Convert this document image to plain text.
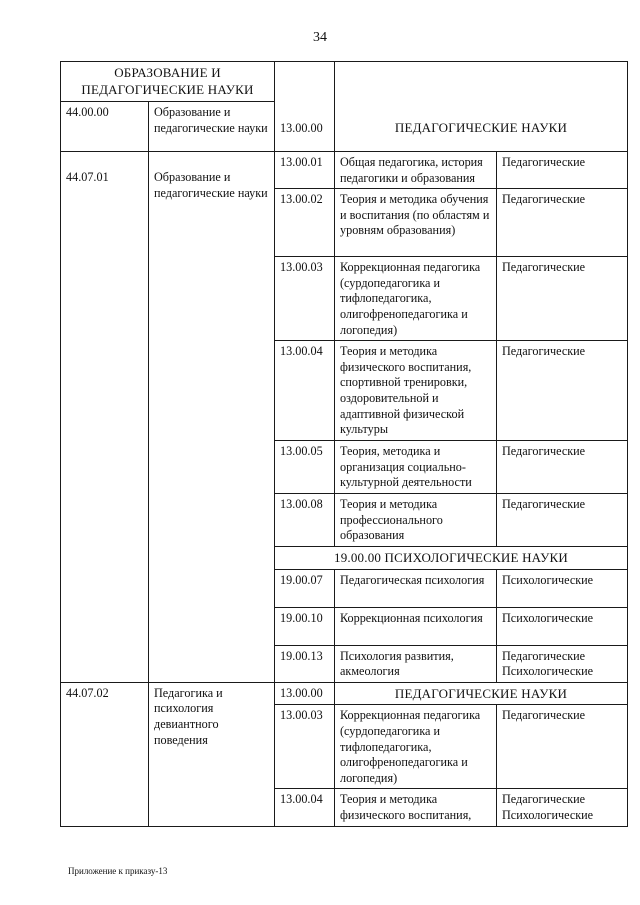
34
ОБРАЗОВАНИЕ И ПЕДАГОГИЧЕСКИЕ НАУКИ				
44.00.00	Образование и педагогические науки	13.00.00	ПЕДАГОГИЧЕСКИЕ НАУКИ	
44.07.01	Образование и педагогические науки	13.00.01	Общая педагогика, история педагогики и образования	Педагогические
		13.00.02	Теория и методика обучения и воспитания (по областям и уровням образования)	Педагогические
		13.00.03	Коррекционная педагогика (сурдопедагогика и тифлопедагогика, олигофренопедагогика и логопедия)	Педагогические
		13.00.04	Теория и методика физического воспитания, спортивной тренировки, оздоровительной и адаптивной физической культуры	Педагогические
		13.00.05	Теория, методика и организация социально-культурной деятельности	Педагогические
		13.00.08	Теория и методика профессионального образования	Педагогические
		19.00.00 ПСИХОЛОГИЧЕСКИЕ НАУКИ		
		19.00.07	Педагогическая психология	Психологические
		19.00.10	Коррекционная психология	Психологические
		19.00.13	Психология развития, акмеология	Педагогические
Психологические

44.07.02	Педагогика и психология девиантного поведения	13.00.00	ПЕДАГОГИЧЕСКИЕ НАУКИ	
		13.00.03	Коррекционная педагогика (сурдопедагогика и тифлопедагогика, олигофренопедагогика и логопедия)	Педагогические
		13.00.04	Теория и методика физического воспитания,	Педагогические
Психологические
Приложение к приказу-13
